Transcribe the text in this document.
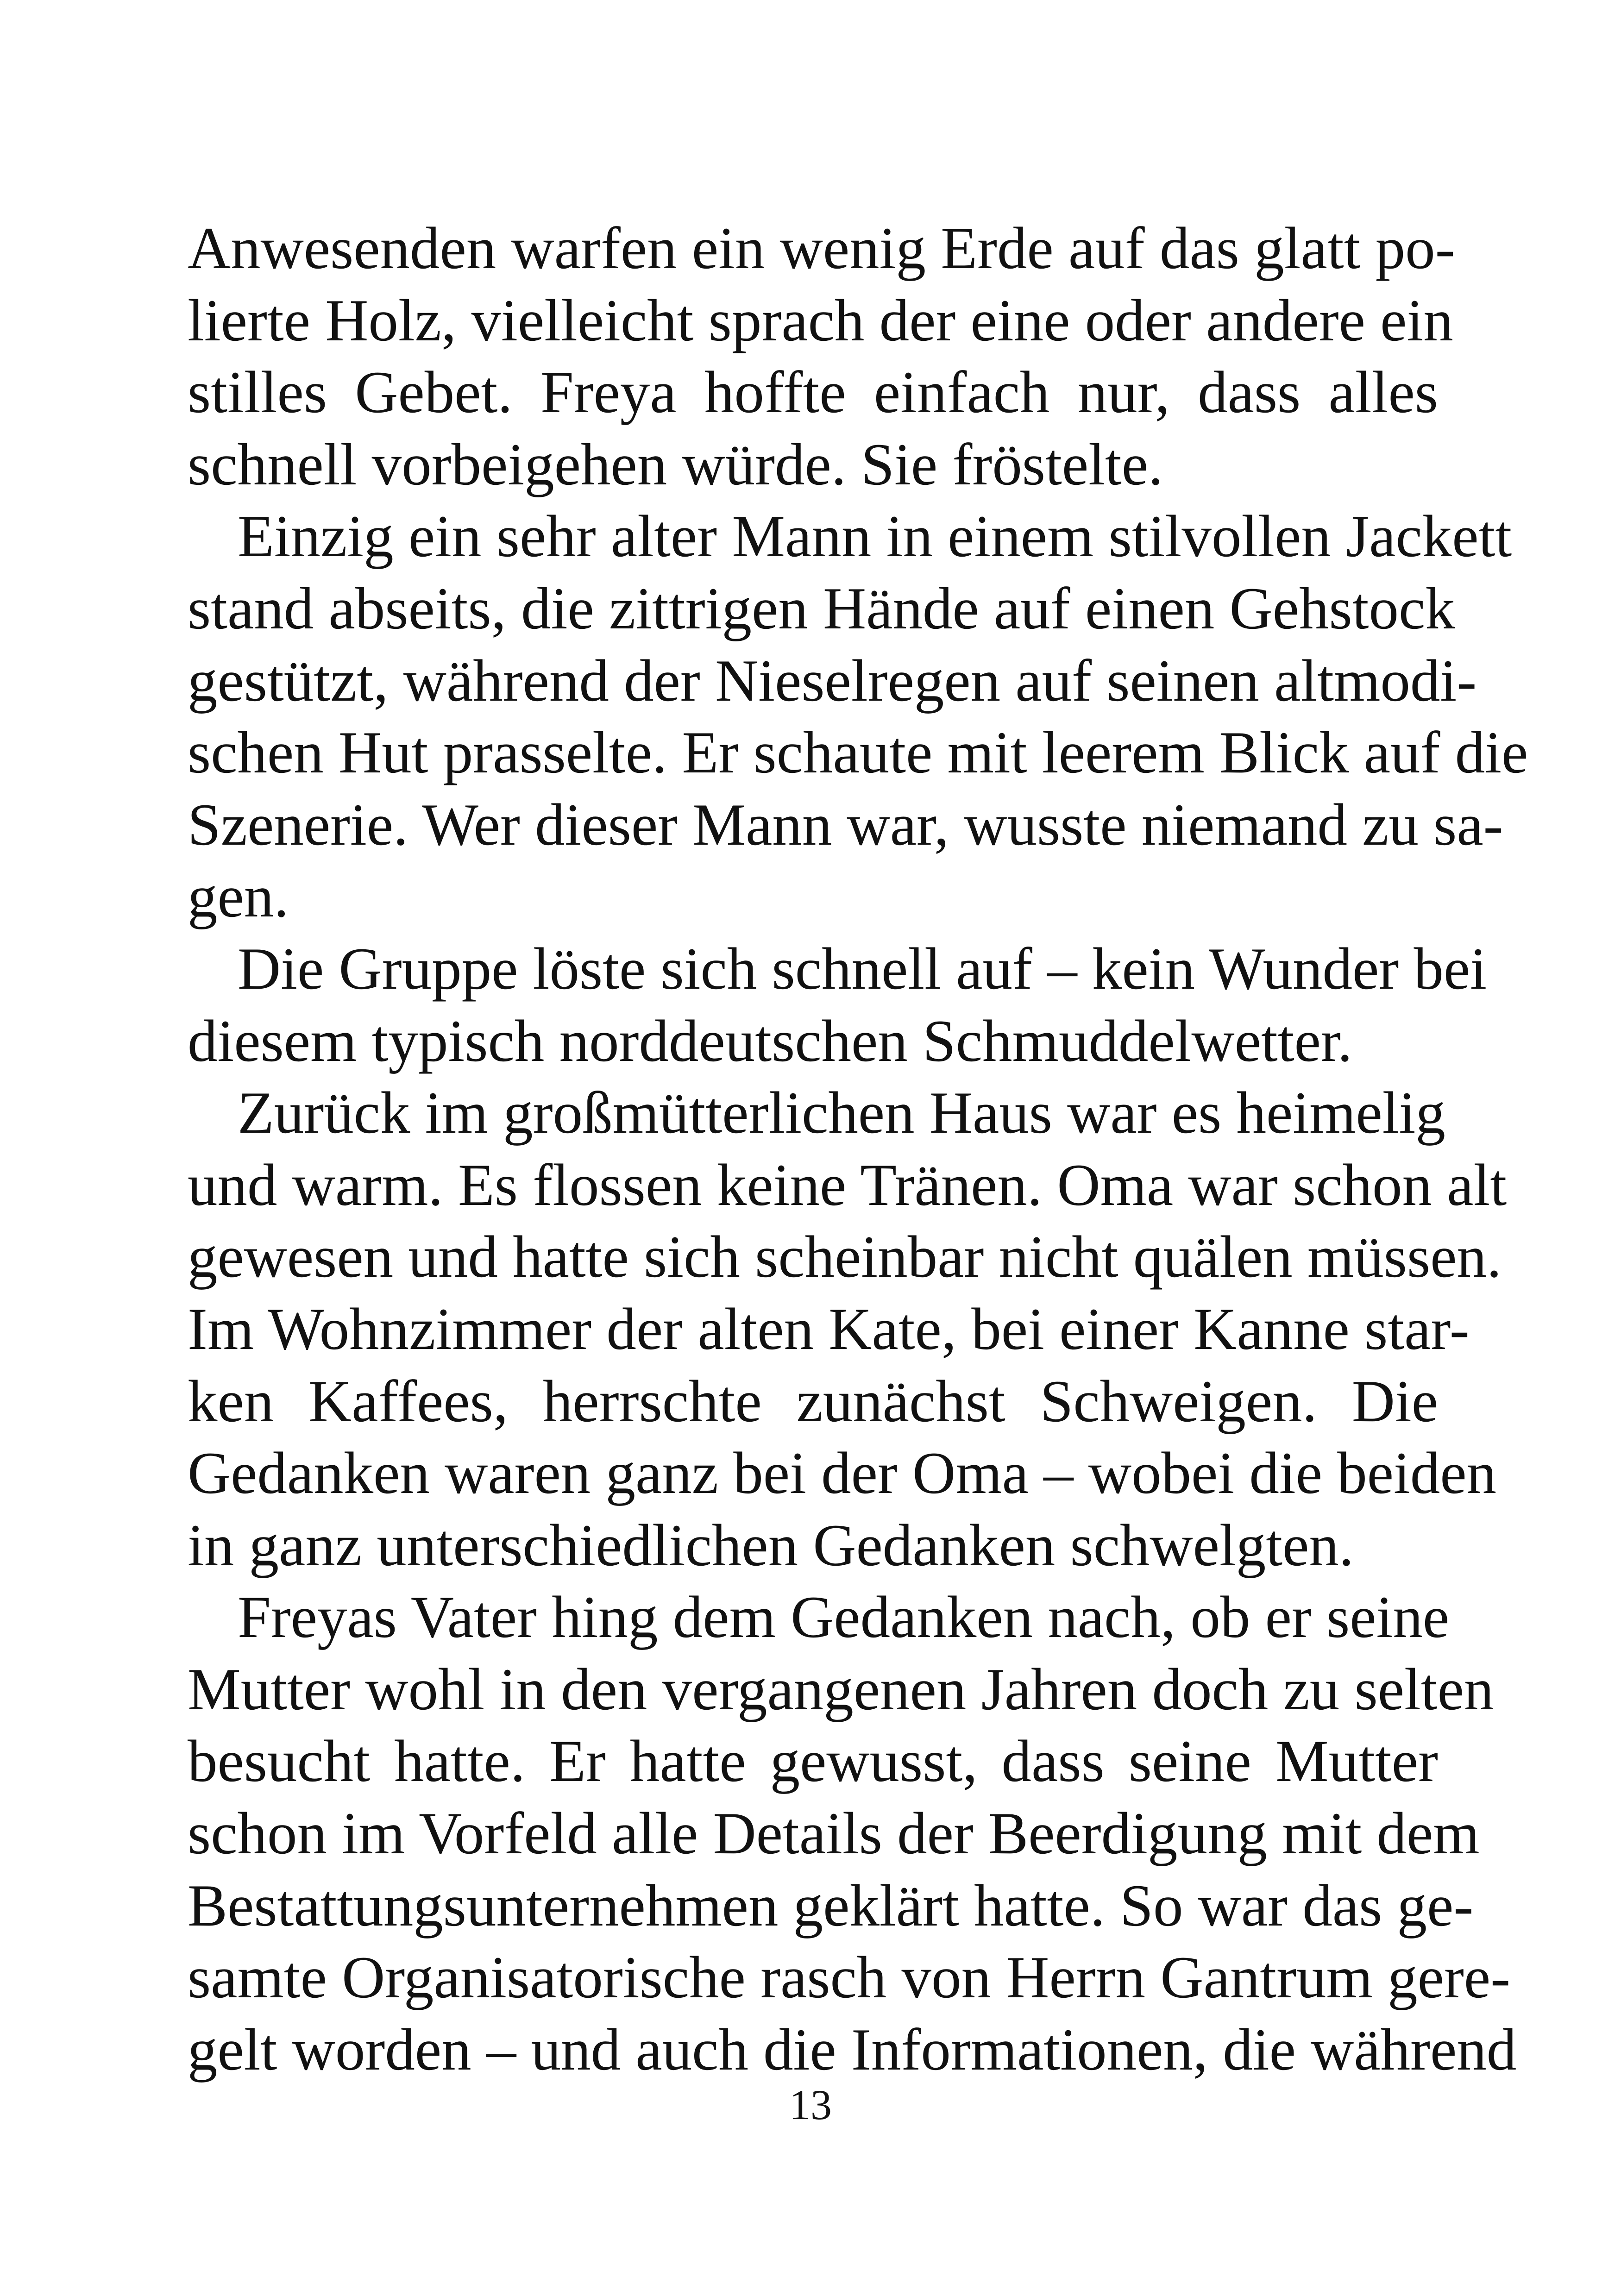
Anwesenden warfen ein wenig Erde auf das glatt po-
lierte Holz, vielleicht sprach der eine oder andere ein
stilles Gebet. Freya hoffte einfach nur, dass alles
schnell vorbeigehen würde. Sie fröstelte.
Einzig ein sehr alter Mann in einem stilvollen Jackett
stand abseits, die zittrigen Hände auf einen Gehstock
gestützt, während der Nieselregen auf seinen altmodi-
schen Hut prasselte. Er schaute mit leerem Blick auf die
Szenerie. Wer dieser Mann war, wusste niemand zu sa-
gen.
Die Gruppe löste sich schnell auf – kein Wunder bei
diesem typisch norddeutschen Schmuddelwetter.
Zurück im großmütterlichen Haus war es heimelig
und warm. Es flossen keine Tränen. Oma war schon alt
gewesen und hatte sich scheinbar nicht quälen müssen.
Im Wohnzimmer der alten Kate, bei einer Kanne star-
ken Kaffees, herrschte zunächst Schweigen. Die
Gedanken waren ganz bei der Oma – wobei die beiden
in ganz unterschiedlichen Gedanken schwelgten.
Freyas Vater hing dem Gedanken nach, ob er seine
Mutter wohl in den vergangenen Jahren doch zu selten
besucht hatte. Er hatte gewusst, dass seine Mutter
schon im Vorfeld alle Details der Beerdigung mit dem
Bestattungsunternehmen geklärt hatte. So war das ge-
samte Organisatorische rasch von Herrn Gantrum gere-
gelt worden – und auch die Informationen, die während
13
